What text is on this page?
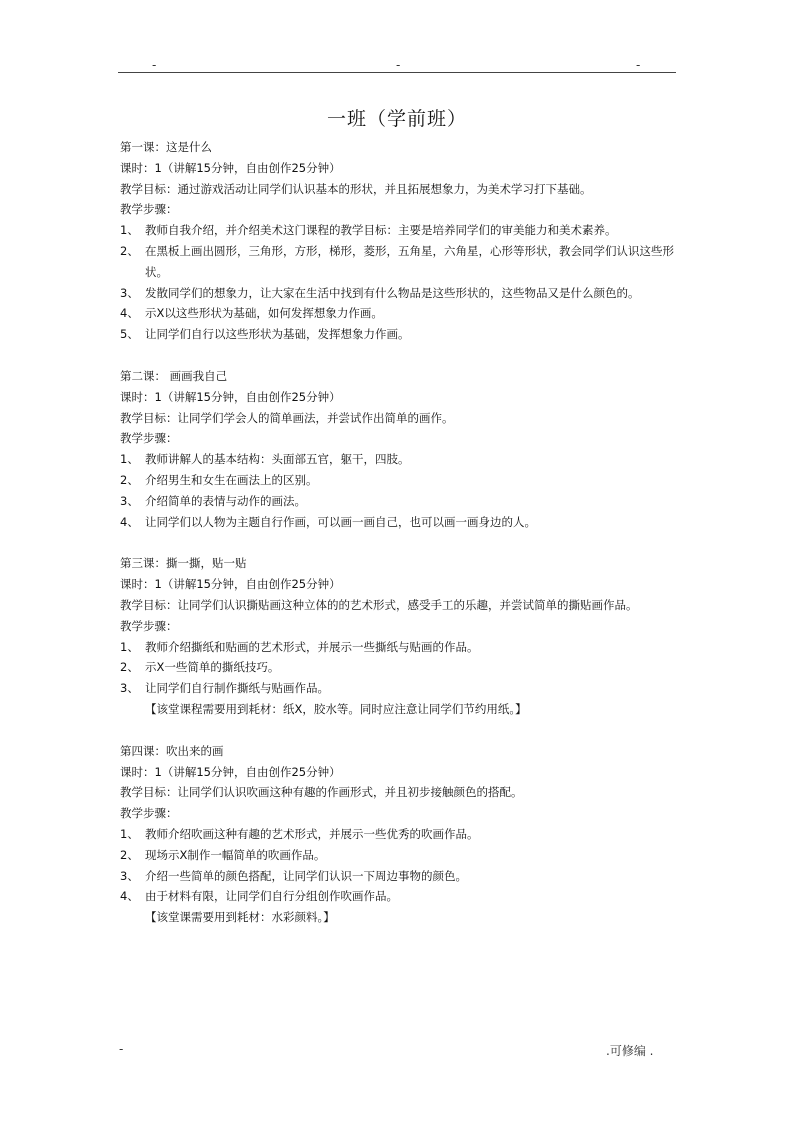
-	-	-
一班（学前班）
第一课：这是什么
课时：1（讲解15分钟，自由创作25分钟）
教学目标：通过游戏活动让同学们认识基本的形状，并且拓展想象力，为美术学习打下基础。
教学步骤：
1、 教师自我介绍，并介绍美术这门课程的教学目标：主要是培养同学们的审美能力和美术素养。
2、 在黑板上画出圆形，三角形，方形，梯形，菱形，五角星，六角星，心形等形状，教会同学们认识这些形状。
3、 发散同学们的想象力，让大家在生活中找到有什么物品是这些形状的，这些物品又是什么颜色的。
4、 示X以这些形状为基础，如何发挥想象力作画。
5、 让同学们自行以这些形状为基础，发挥想象力作画。
第二课： 画画我自己
课时：1（讲解15分钟，自由创作25分钟）
教学目标：让同学们学会人的简单画法，并尝试作出简单的画作。
教学步骤：
1、 教师讲解人的基本结构：头面部五官，躯干，四肢。
2、 介绍男生和女生在画法上的区别。
3、 介绍简单的表情与动作的画法。
4、 让同学们以人物为主题自行作画，可以画一画自己，也可以画一画身边的人。
第三课：撕一撕，贴一贴
课时：1（讲解15分钟，自由创作25分钟）
教学目标：让同学们认识撕贴画这种立体的的艺术形式，感受手工的乐趣，并尝试简单的撕贴画作品。
教学步骤：
1、 教师介绍撕纸和贴画的艺术形式，并展示一些撕纸与贴画的作品。
2、 示X一些简单的撕纸技巧。
3、 让同学们自行制作撕纸与贴画作品。
【该堂课程需要用到耗材：纸X，胶水等。同时应注意让同学们节约用纸。】
第四课：吹出来的画
课时：1（讲解15分钟，自由创作25分钟）
教学目标：让同学们认识吹画这种有趣的作画形式，并且初步接触颜色的搭配。
教学步骤：
1、 教师介绍吹画这种有趣的艺术形式，并展示一些优秀的吹画作品。
2、 现场示X制作一幅简单的吹画作品。
3、 介绍一些简单的颜色搭配，让同学们认识一下周边事物的颜色。
4、 由于材料有限，让同学们自行分组创作吹画作品。
【该堂课需要用到耗材：水彩颜料。】
-	.可修编 .
